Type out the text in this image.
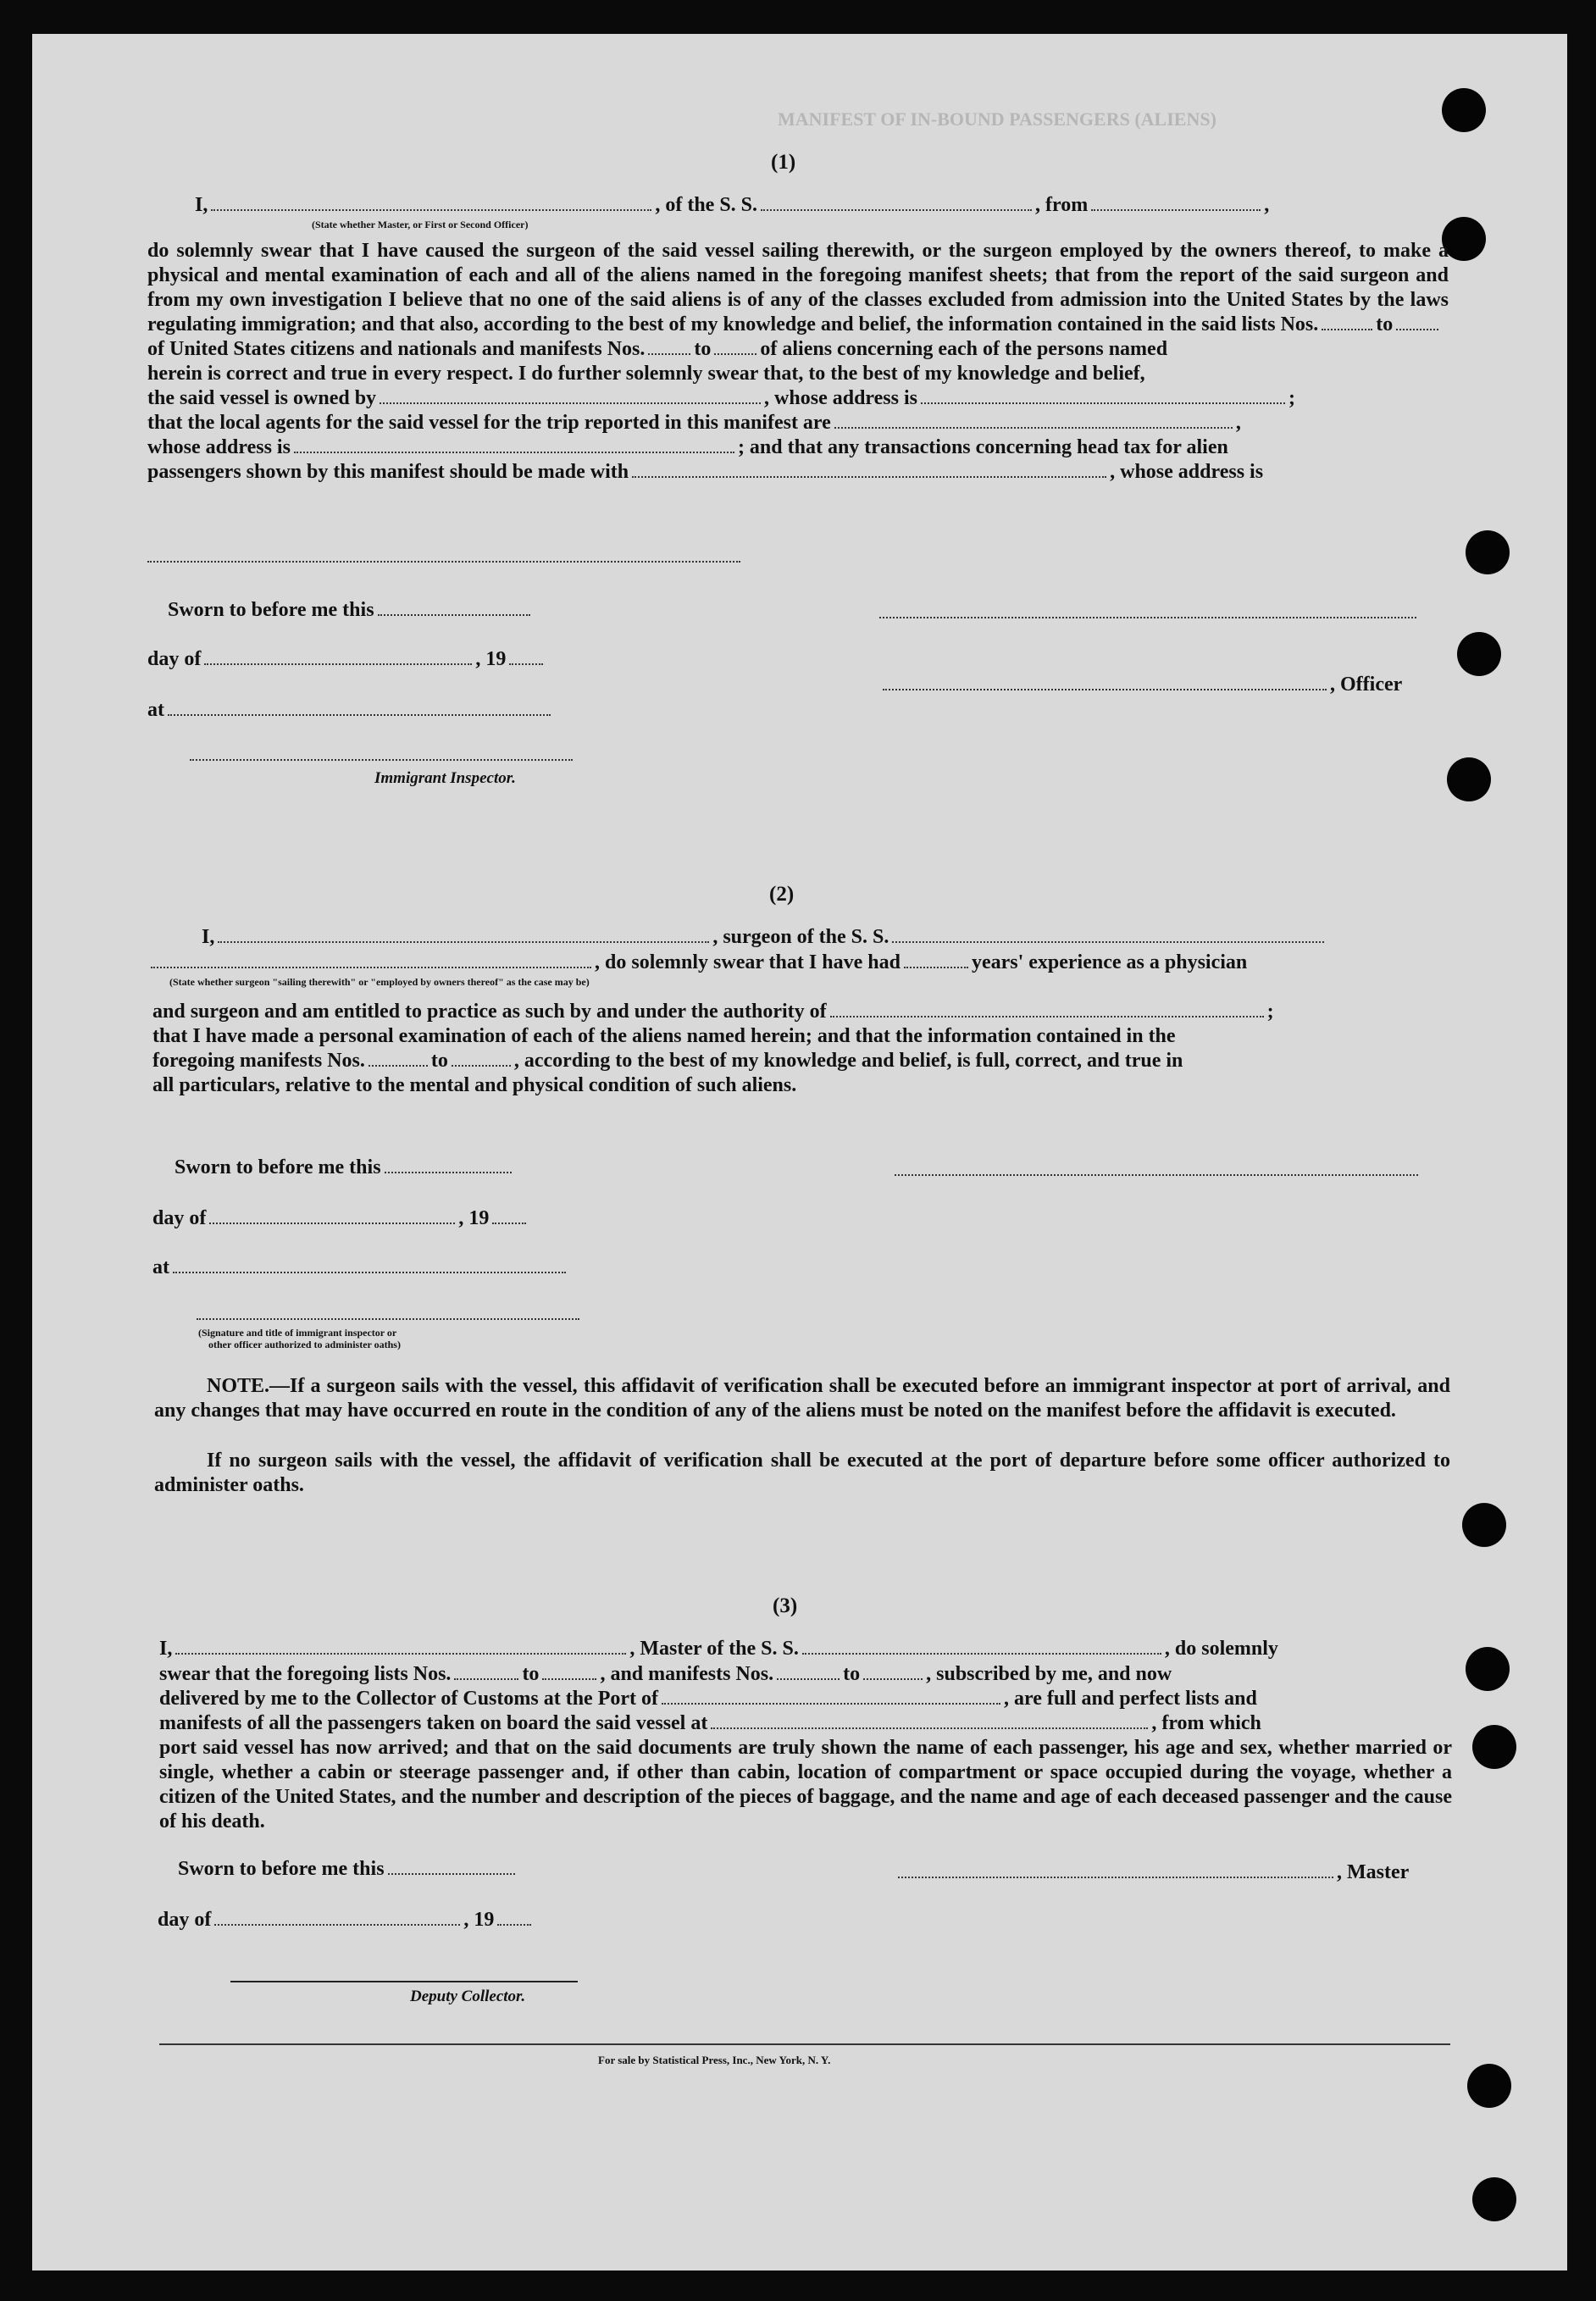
MANIFEST OF IN-BOUND PASSENGERS (ALIENS)
(1)
I,	, of the S. S.	, from	,
(State whether Master, or First or Second Officer)
do solemnly swear that I have caused the surgeon of the said vessel sailing therewith, or the surgeon employed by the owners thereof, to make a physical and mental examination of each and all of the aliens named in the foregoing manifest sheets; that from the report of the said surgeon and from my own investigation I believe that no one of the said aliens is of any of the classes excluded from admission into the United States by the laws regulating immigration; and that also, according to the best of my knowledge and belief, the information contained in the said lists Nos.	to
of United States citizens and nationals and manifests Nos. to of aliens concerning each of the persons named
herein is correct and true in every respect. I do further solemnly swear that, to the best of my knowledge and belief,
the said vessel is owned by	, whose address is	;
that the local agents for the said vessel for the trip reported in this manifest are	,
whose address is	; and that any transactions concerning head tax for alien
passengers shown by this manifest should be made with	, whose address is
Sworn to before me this
day of	, 19
, Officer
at
Immigrant Inspector.
(2)
I,	, surgeon of the S. S.
, do solemnly swear that I have had	years' experience as a physician
(State whether surgeon "sailing therewith" or "employed by owners thereof" as the case may be)
and surgeon and am entitled to practice as such by and under the authority of	;
that I have made a personal examination of each of the aliens named herein; and that the information contained in the
foregoing manifests Nos.	to	, according to the best of my knowledge and belief, is full, correct, and true in
all particulars, relative to the mental and physical condition of such aliens.
Sworn to before me this
day of	, 19
at
(Signature and title of immigrant inspector or
other officer authorized to administer oaths)
NOTE.—If a surgeon sails with the vessel, this affidavit of verification shall be executed before an immigrant inspector at port of arrival, and any changes that may have occurred en route in the condition of any of the aliens must be noted on the manifest before the affidavit is executed.
If no surgeon sails with the vessel, the affidavit of verification shall be executed at the port of departure before some officer authorized to administer oaths.
(3)
I,	, Master of the S. S.	, do solemnly
swear that the foregoing lists Nos.	to	, and manifests Nos.	to	, subscribed by me, and now
delivered by me to the Collector of Customs at the Port of	, are full and perfect lists and
manifests of all the passengers taken on board the said vessel at	, from which
port said vessel has now arrived; and that on the said documents are truly shown the name of each passenger, his age and sex, whether married or single, whether a cabin or steerage passenger and, if other than cabin, location of compartment or space occupied during the voyage, whether a citizen of the United States, and the number and description of the pieces of baggage, and the name and age of each deceased passenger and the cause of his death.
Sworn to before me this	, Master
day of	, 19
Deputy Collector.
For sale by Statistical Press, Inc., New York, N. Y.
